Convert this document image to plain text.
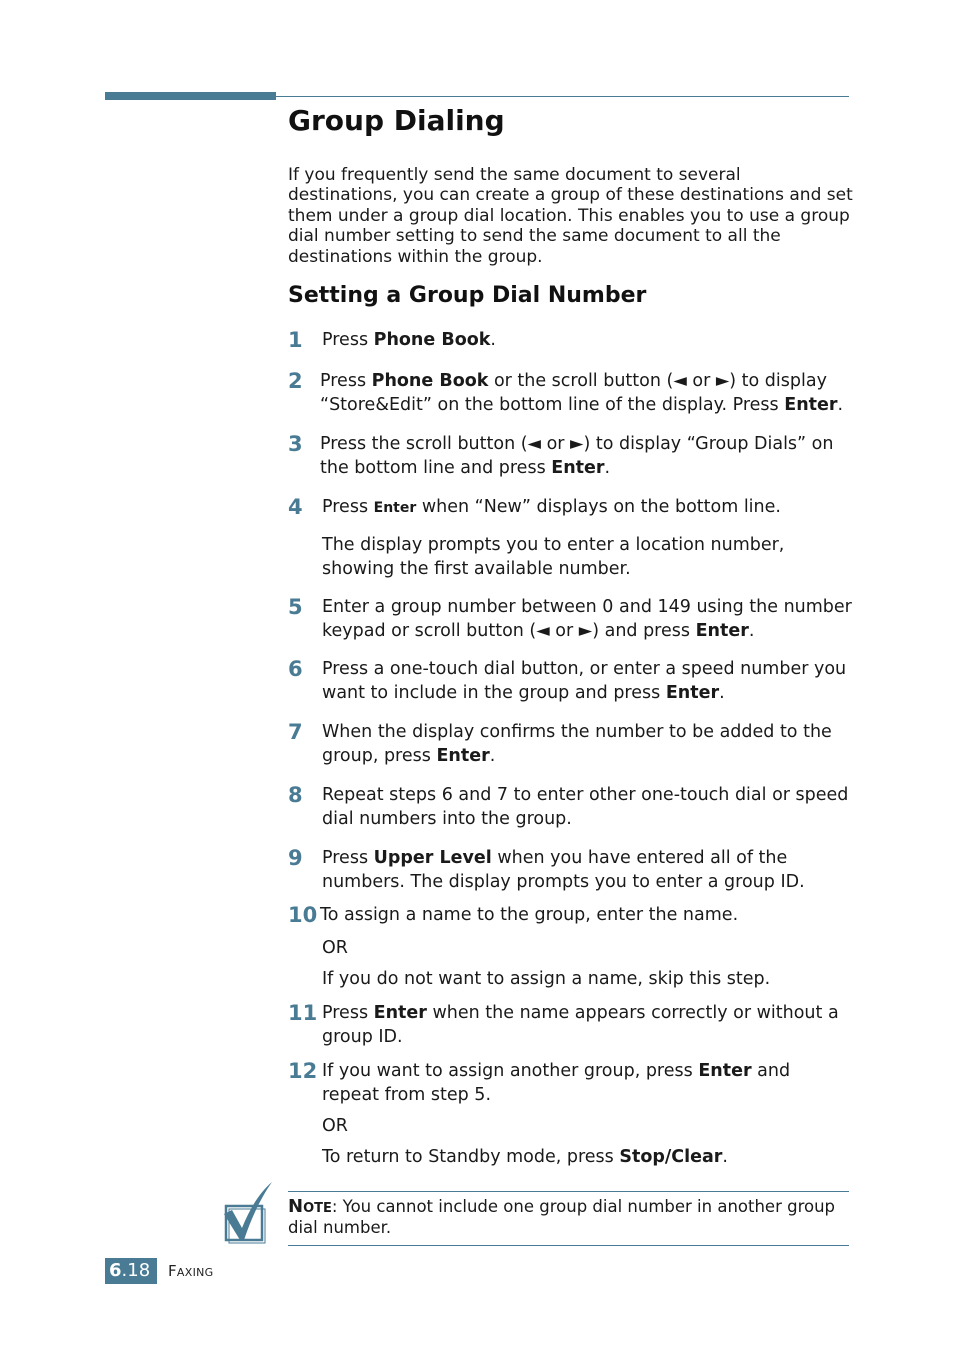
Group Dialing

If you frequently send the same document to several destinations, you can create a group of these destinations and set them under a group dial location. This enables you to use a group dial number setting to send the same document to all the destinations within the group.

Setting a Group Dial Number
1 Press Phone Book.

2 Press Phone Book or the scroll button (◄ or ►) to display “Store&Edit” on the bottom line of the display. Press Enter.

3 Press the scroll button (◄ or ►) to display “Group Dials” on the bottom line and press Enter.

4 Press Enter when “New” displays on the bottom line.

The display prompts you to enter a location number, showing the first available number.

5 Enter a group number between 0 and 149 using the number keypad or scroll button (◄ or ►) and press Enter.

6 Press a one-touch dial button, or enter a speed number you want to include in the group and press Enter.

7 When the display confirms the number to be added to the group, press Enter.

8 Repeat steps 6 and 7 to enter other one-touch dial or speed dial numbers into the group.

9 Press Upper Level when you have entered all of the numbers. The display prompts you to enter a group ID.

10 To assign a name to the group, enter the name.

OR

If you do not want to assign a name, skip this step.

11 Press Enter when the name appears correctly or without a group ID.

12 If you want to assign another group, press Enter and repeat from step 5.

OR

To return to Standby mode, press Stop/Clear.

Note: You cannot include one group dial number in another group dial number.

6.18	Faxing
